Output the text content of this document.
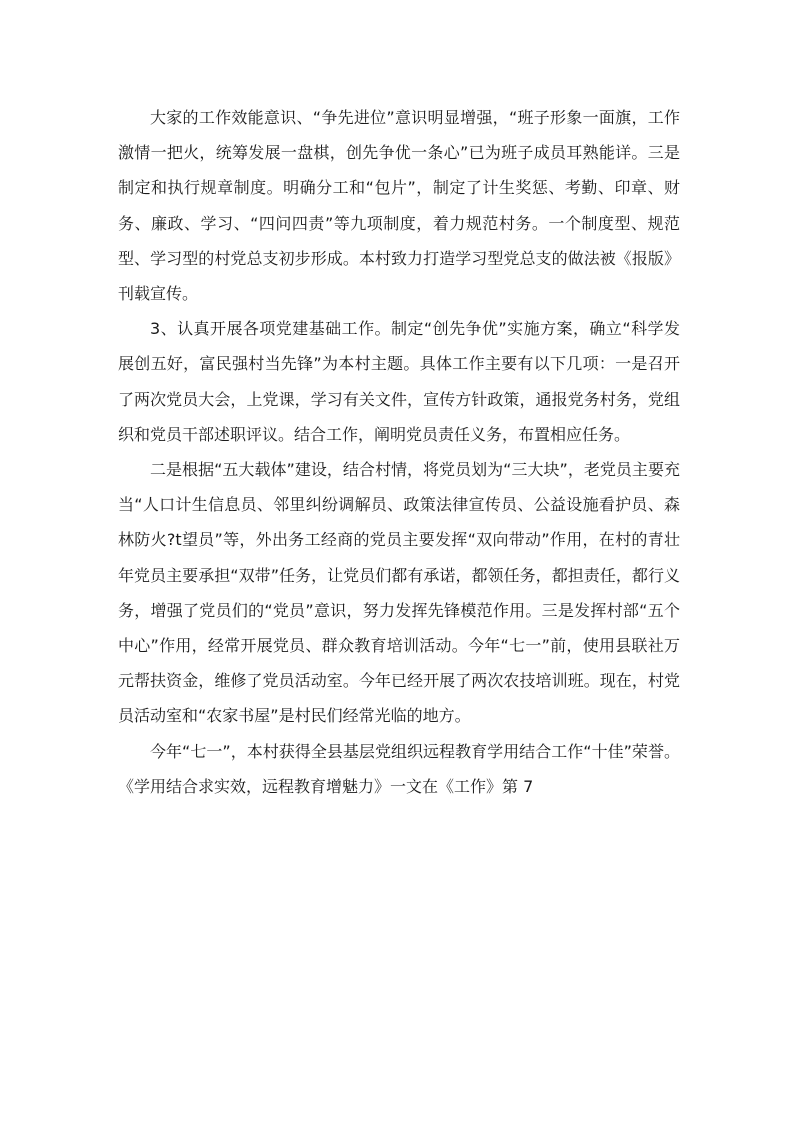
大家的工作效能意识、“争先进位”意识明显增强，“班子形象一面旗，工作激情一把火，统筹发展一盘棋，创先争优一条心”已为班子成员耳熟能详。三是制定和执行规章制度。明确分工和“包片”，制定了计生奖惩、考勤、印章、财务、廉政、学习、“四问四责”等九项制度，着力规范村务。一个制度型、规范型、学习型的村党总支初步形成。本村致力打造学习型党总支的做法被《报版》刊载宣传。

3、认真开展各项党建基础工作。制定“创先争优”实施方案，确立“科学发展创五好，富民强村当先锋”为本村主题。具体工作主要有以下几项：一是召开了两次党员大会，上党课，学习有关文件，宣传方针政策，通报党务村务，党组织和党员干部述职评议。结合工作，阐明党员责任义务，布置相应任务。

二是根据“五大载体”建设，结合村情，将党员划为“三大块”，老党员主要充当“人口计生信息员、邻里纠纷调解员、政策法律宣传员、公益设施看护员、森林防火?t望员”等，外出务工经商的党员主要发挥“双向带动”作用，在村的青壮年党员主要承担“双带”任务，让党员们都有承诺，都领任务，都担责任，都行义务，增强了党员们的“党员”意识，努力发挥先锋模范作用。三是发挥村部“五个中心”作用，经常开展党员、群众教育培训活动。今年“七一”前，使用县联社万元帮扶资金，维修了党员活动室。今年已经开展了两次农技培训班。现在，村党员活动室和“农家书屋”是村民们经常光临的地方。

今年“七一”，本村获得全县基层党组织远程教育学用结合工作“十佳”荣誉。《学用结合求实效，远程教育增魅力》一文在《工作》第 7
